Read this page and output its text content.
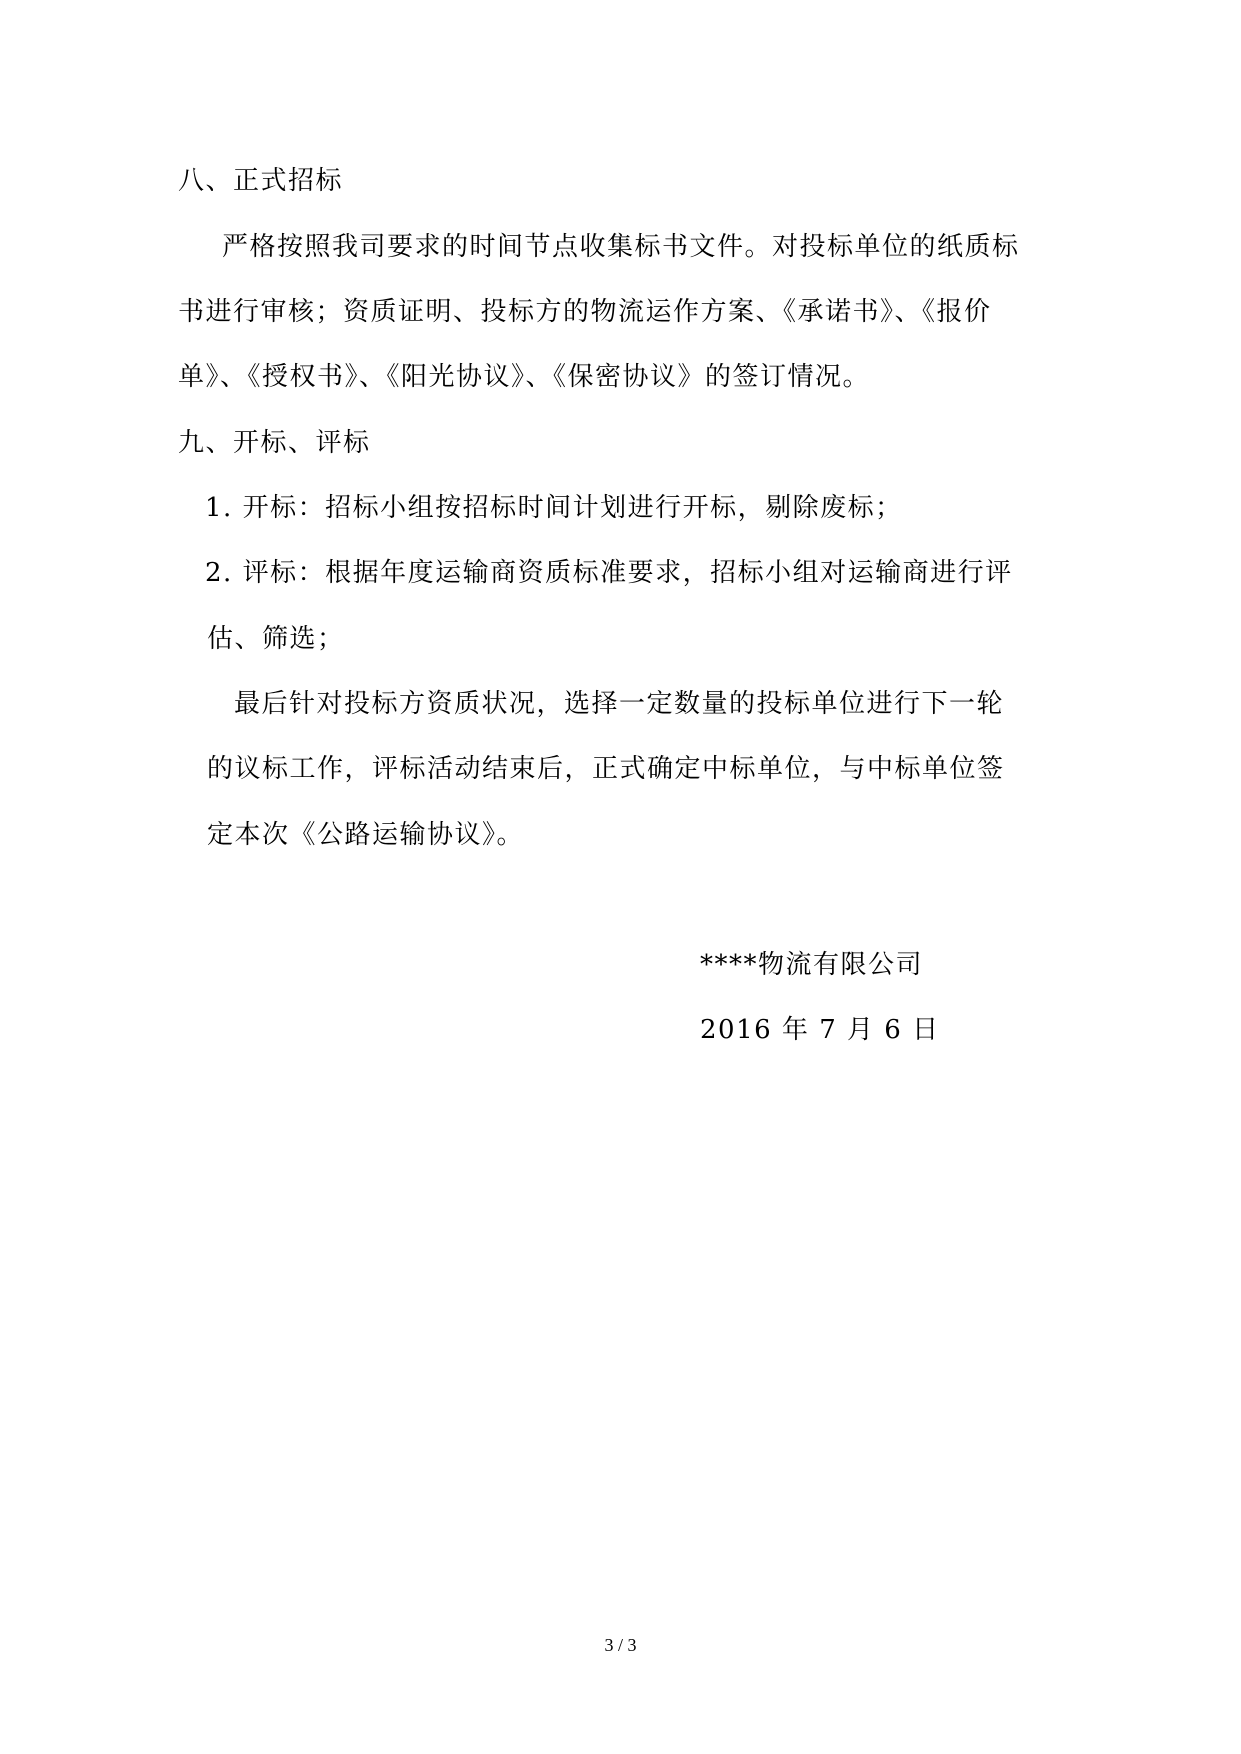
八、正式招标
严格按照我司要求的时间节点收集标书文件。对投标单位的纸质标
书进行审核；资质证明、投标方的物流运作方案、《承诺书》、《报价
单》、《授权书》、《阳光协议》、《保密协议》的签订情况。
九、开标、评标
1. 开标：招标小组按招标时间计划进行开标，剔除废标；
2. 评标：根据年度运输商资质标准要求，招标小组对运输商进行评
估、筛选；
最后针对投标方资质状况，选择一定数量的投标单位进行下一轮
的议标工作，评标活动结束后，正式确定中标单位，与中标单位签
定本次《公路运输协议》。
****物流有限公司
2016 年 7 月 6 日
3 / 3
